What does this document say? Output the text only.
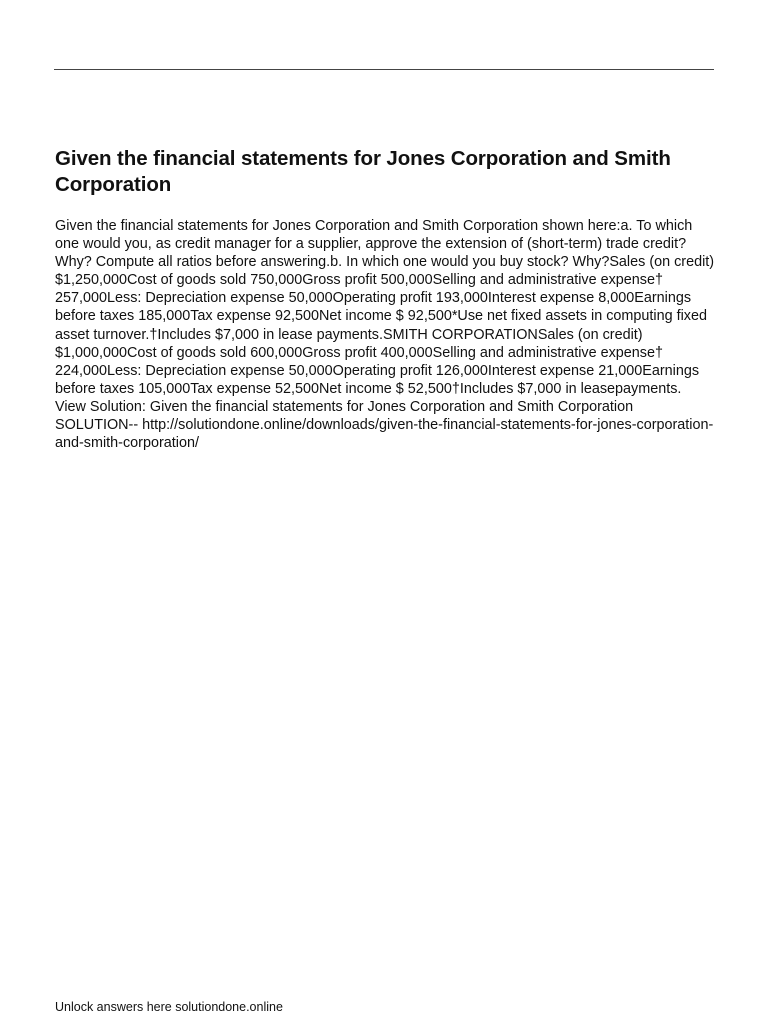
Given the financial statements for Jones Corporation and Smith Corporation

Given the financial statements for Jones Corporation and Smith Corporation shown here:a. To which one would you, as credit manager for a supplier, approve the extension of (short-term) trade credit? Why? Compute all ratios before answering.b. In which one would you buy stock? Why?Sales (on credit) $1,250,000Cost of goods sold 750,000Gross profit 500,000Selling and administrative expense† 257,000Less: Depreciation expense 50,000Operating profit 193,000Interest expense 8,000Earnings before taxes 185,000Tax expense 92,500Net income $ 92,500*Use net fixed assets in computing fixed asset turnover.†Includes $7,000 in lease payments.SMITH CORPORATIONSales (on credit) $1,000,000Cost of goods sold 600,000Gross profit 400,000Selling and administrative expense† 224,000Less: Depreciation expense 50,000Operating profit 126,000Interest expense 21,000Earnings before taxes 105,000Tax expense 52,500Net income $ 52,500†Includes $7,000 in leasepayments. View Solution: Given the financial statements for Jones Corporation and Smith Corporation SOLUTION-- http://solutiondone.online/downloads/given-the-financial-statements-for-jones-corporation-and-smith-corporation/

Unlock answers here solutiondone.online
